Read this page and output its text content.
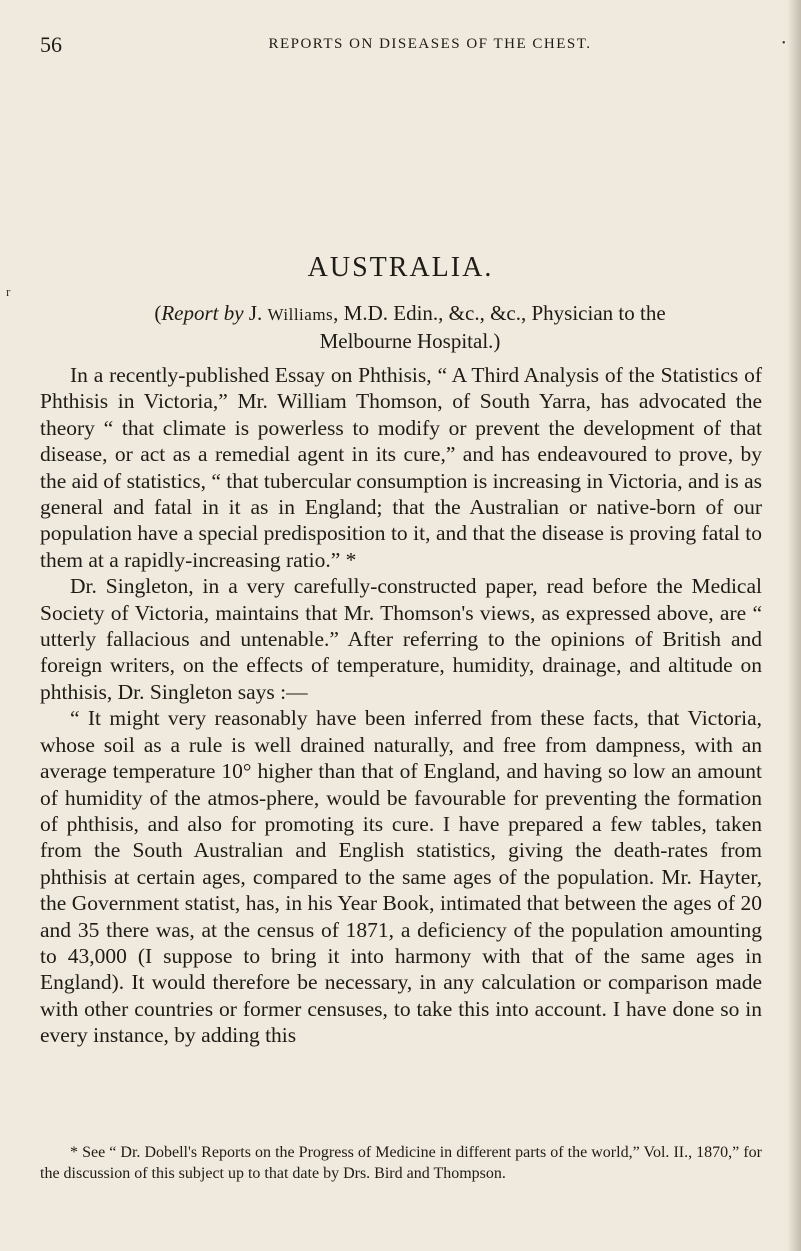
56	REPORTS ON DISEASES OF THE CHEST.	•
r
AUSTRALIA.
(Report by J. Williams, M.D. Edin., &c., &c., Physician to the
Melbourne Hospital.)

In a recently-published Essay on Phthisis, “ A Third Analysis of the Statistics of Phthisis in Victoria,” Mr. William Thomson, of South Yarra, has advocated the theory “ that climate is powerless to modify or prevent the development of that disease, or act as a remedial agent in its cure,” and has endeavoured to prove, by the aid of statistics, “ that tubercular consumption is increasing in Victoria, and is as general and fatal in it as in England; that the Australian or native-born of our population have a special predisposition to it, and that the disease is proving fatal to them at a rapidly-increasing ratio.” *

Dr. Singleton, in a very carefully-constructed paper, read before the Medical Society of Victoria, maintains that Mr. Thomson's views, as expressed above, are “ utterly fallacious and untenable.” After referring to the opinions of British and foreign writers, on the effects of temperature, humidity, drainage, and altitude on phthisis, Dr. Singleton says :—

“ It might very reasonably have been inferred from these facts, that Victoria, whose soil as a rule is well drained naturally, and free from dampness, with an average temperature 10° higher than that of England, and having so low an amount of humidity of the atmos-phere, would be favourable for preventing the formation of phthisis, and also for promoting its cure. I have prepared a few tables, taken from the South Australian and English statistics, giving the death-rates from phthisis at certain ages, compared to the same ages of the population. Mr. Hayter, the Government statist, has, in his Year Book, intimated that between the ages of 20 and 35 there was, at the census of 1871, a deficiency of the population amounting to 43,000 (I suppose to bring it into harmony with that of the same ages in England). It would therefore be necessary, in any calculation or comparison made with other countries or former censuses, to take this into account. I have done so in every instance, by adding this

* See “ Dr. Dobell's Reports on the Progress of Medicine in different parts of the world,” Vol. II., 1870,” for the discussion of this subject up to that date by Drs. Bird and Thompson.
